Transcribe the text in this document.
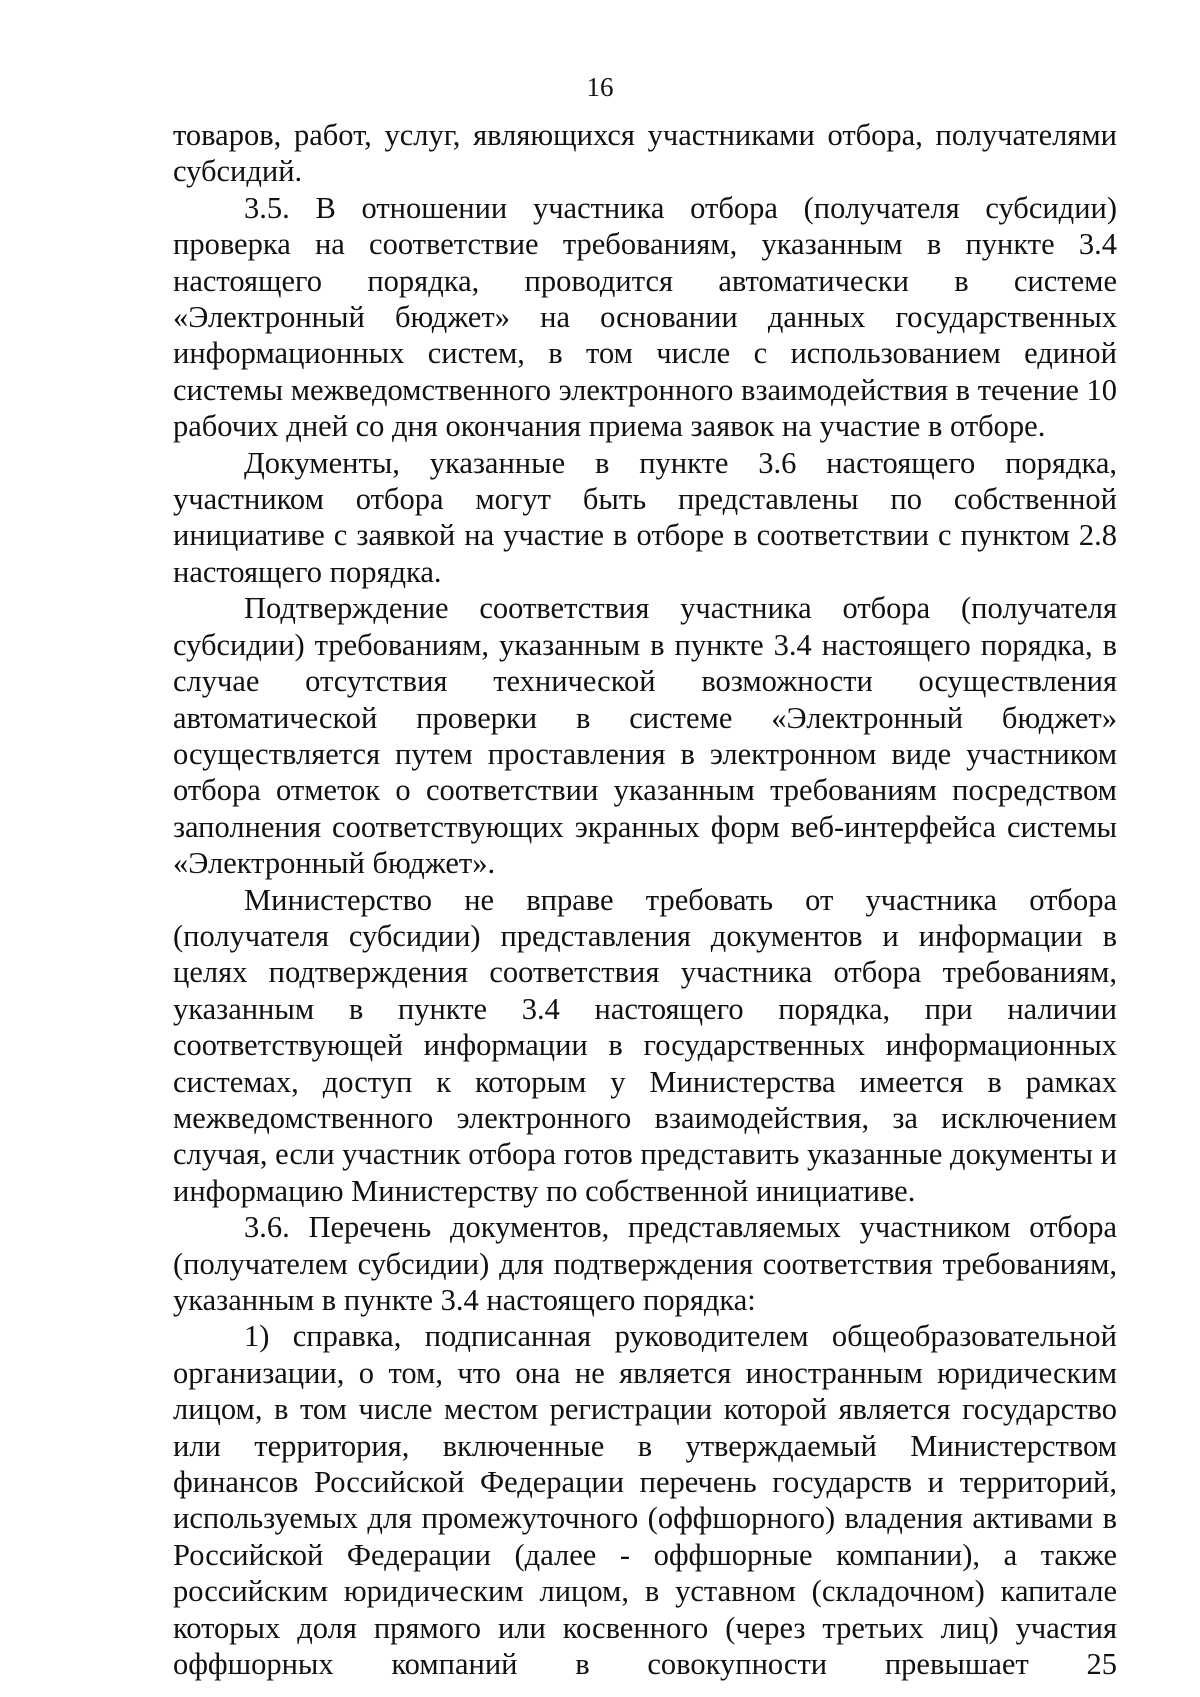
16

товаров, работ, услуг, являющихся участниками отбора, получателями субсидий.

3.5. В отношении участника отбора (получателя субсидии) проверка на соответствие требованиям, указанным в пункте 3.4 настоящего порядка, проводится автоматически в системе «Электронный бюджет» на основании данных государственных информационных систем, в том числе с использованием единой системы межведомственного электронного взаимодействия в течение 10 рабочих дней со дня окончания приема заявок на участие в отборе.

Документы, указанные в пункте 3.6 настоящего порядка, участником отбора могут быть представлены по собственной инициативе с заявкой на участие в отборе в соответствии с пунктом 2.8 настоящего порядка.

Подтверждение соответствия участника отбора (получателя субсидии) требованиям, указанным в пункте 3.4 настоящего порядка, в случае отсутствия технической возможности осуществления автоматической проверки в системе «Электронный бюджет» осуществляется путем проставления в электронном виде участником отбора отметок о соответствии указанным требованиям посредством заполнения соответствующих экранных форм веб-интерфейса системы «Электронный бюджет».

Министерство не вправе требовать от участника отбора (получателя субсидии) представления документов и информации в целях подтверждения соответствия участника отбора требованиям, указанным в пункте 3.4 настоящего порядка, при наличии соответствующей информации в государственных информационных системах, доступ к которым у Министерства имеется в рамках межведомственного электронного взаимодействия, за исключением случая, если участник отбора готов представить указанные документы и информацию Министерству по собственной инициативе.

3.6. Перечень документов, представляемых участником отбора (получателем субсидии) для подтверждения соответствия требованиям, указанным в пункте 3.4 настоящего порядка:

1) справка, подписанная руководителем общеобразовательной организации, о том, что она не является иностранным юридическим лицом, в том числе местом регистрации которой является государство или территория, включенные в утверждаемый Министерством финансов Российской Федерации перечень государств и территорий, используемых для промежуточного (оффшорного) владения активами в Российской Федерации (далее - оффшорные компании), а также российским юридическим лицом, в уставном (складочном) капитале которых доля прямого или косвенного (через третьих лиц) участия оффшорных компаний в совокупности превышает 25
